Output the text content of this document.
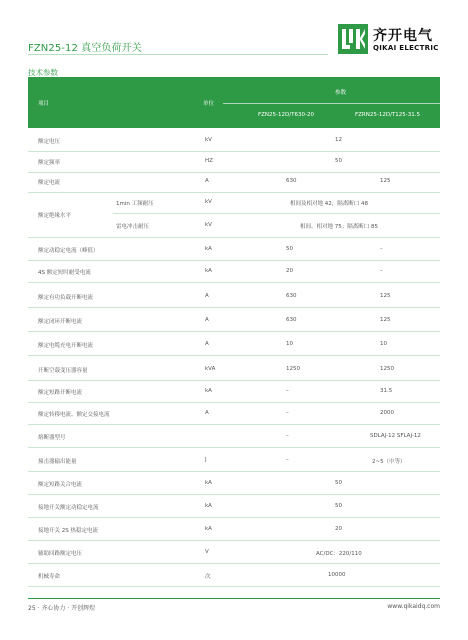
FZN25-12 真空负荷开关
齐开电气
QIKAI ELECTRIC
技术参数
项目	单位
参数
FZN25-12D/T630-20	FZRN25-12D/T125-31.5
额定电压	kV	12
额定频率	HZ	50
额定电流	A	630	125
额定绝缘水平
1min 工频耐压	kV	相间及相对地 42，隔离断口 48
雷电冲击耐压	kV	相间、相对地 75；隔离断口 85
额定动稳定电流（峰值）	kA	50	–
4S 额定短时耐受电流	kA	20	–
额定有功负载开断电流	A	630	125
额定闭环开断电流	A	630	125
额定电缆充电开断电流	A	10	10
开断空载变压器容量	kVA	1250	1250
额定短路开断电流	kA	–	31.5
额定转移电流、额定交接电流	A	–	2000
熔断器型号	–	SDLAJ-12 SFLAJ-12
撞击器输出能量	J	–	2~5（中等）
额定短路关合电流	kA	50
接地开关额定动稳定电流	kA	50
接地开关 2S 热稳定电流	kA	20
辅助回路额定电压	V	AC/DC：220/110
机械寿命	次	10000
25 · 齐心协力 · 开创辉煌	www.qikaidq.com
